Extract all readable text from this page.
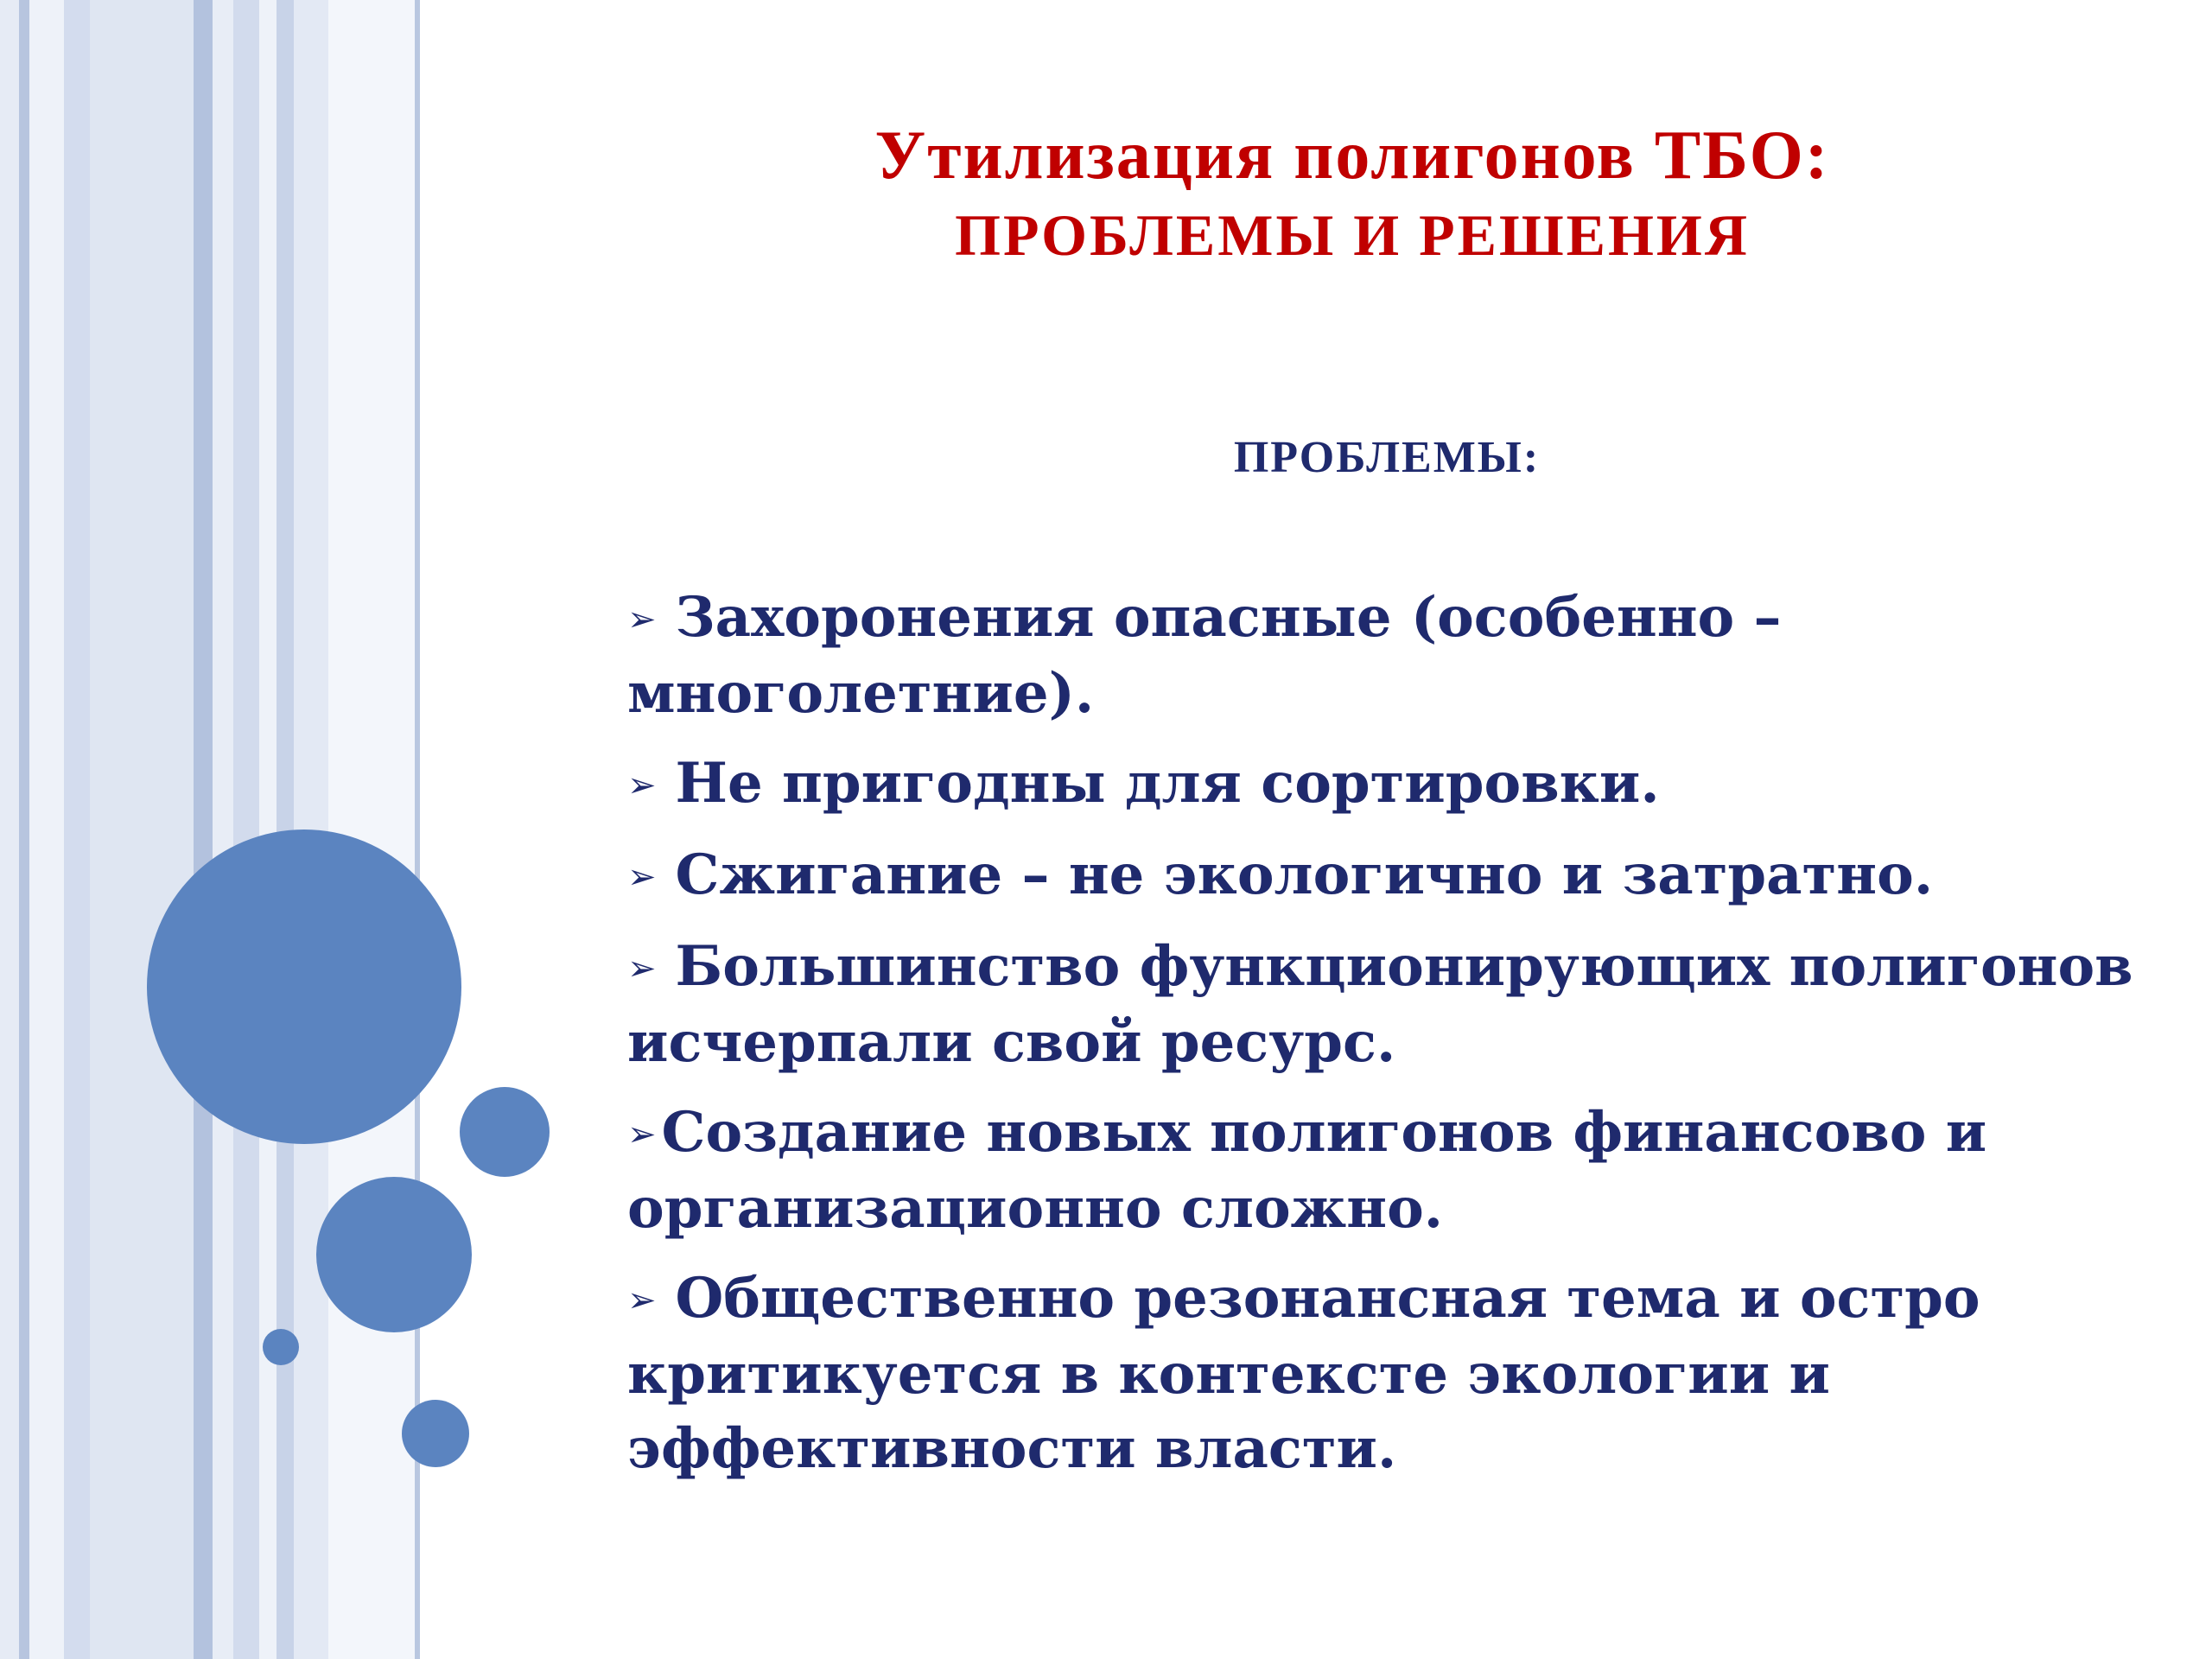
Утилизация полигонов ТБО:
ПРОБЛЕМЫ И РЕШЕНИЯ
ПРОБЛЕМЫ:
➢ Захоронения опасные (особенно – многолетние).
➢ Не пригодны для сортировки.
➢ Сжигание – не экологично и затратно.
➢ Большинство функционирующих полигонов исчерпали свой ресурс.
➢Создание новых полигонов финансово и организационно сложно.
➢ Общественно резонансная тема и остро критикуется в контексте экологии и эффективности власти.
